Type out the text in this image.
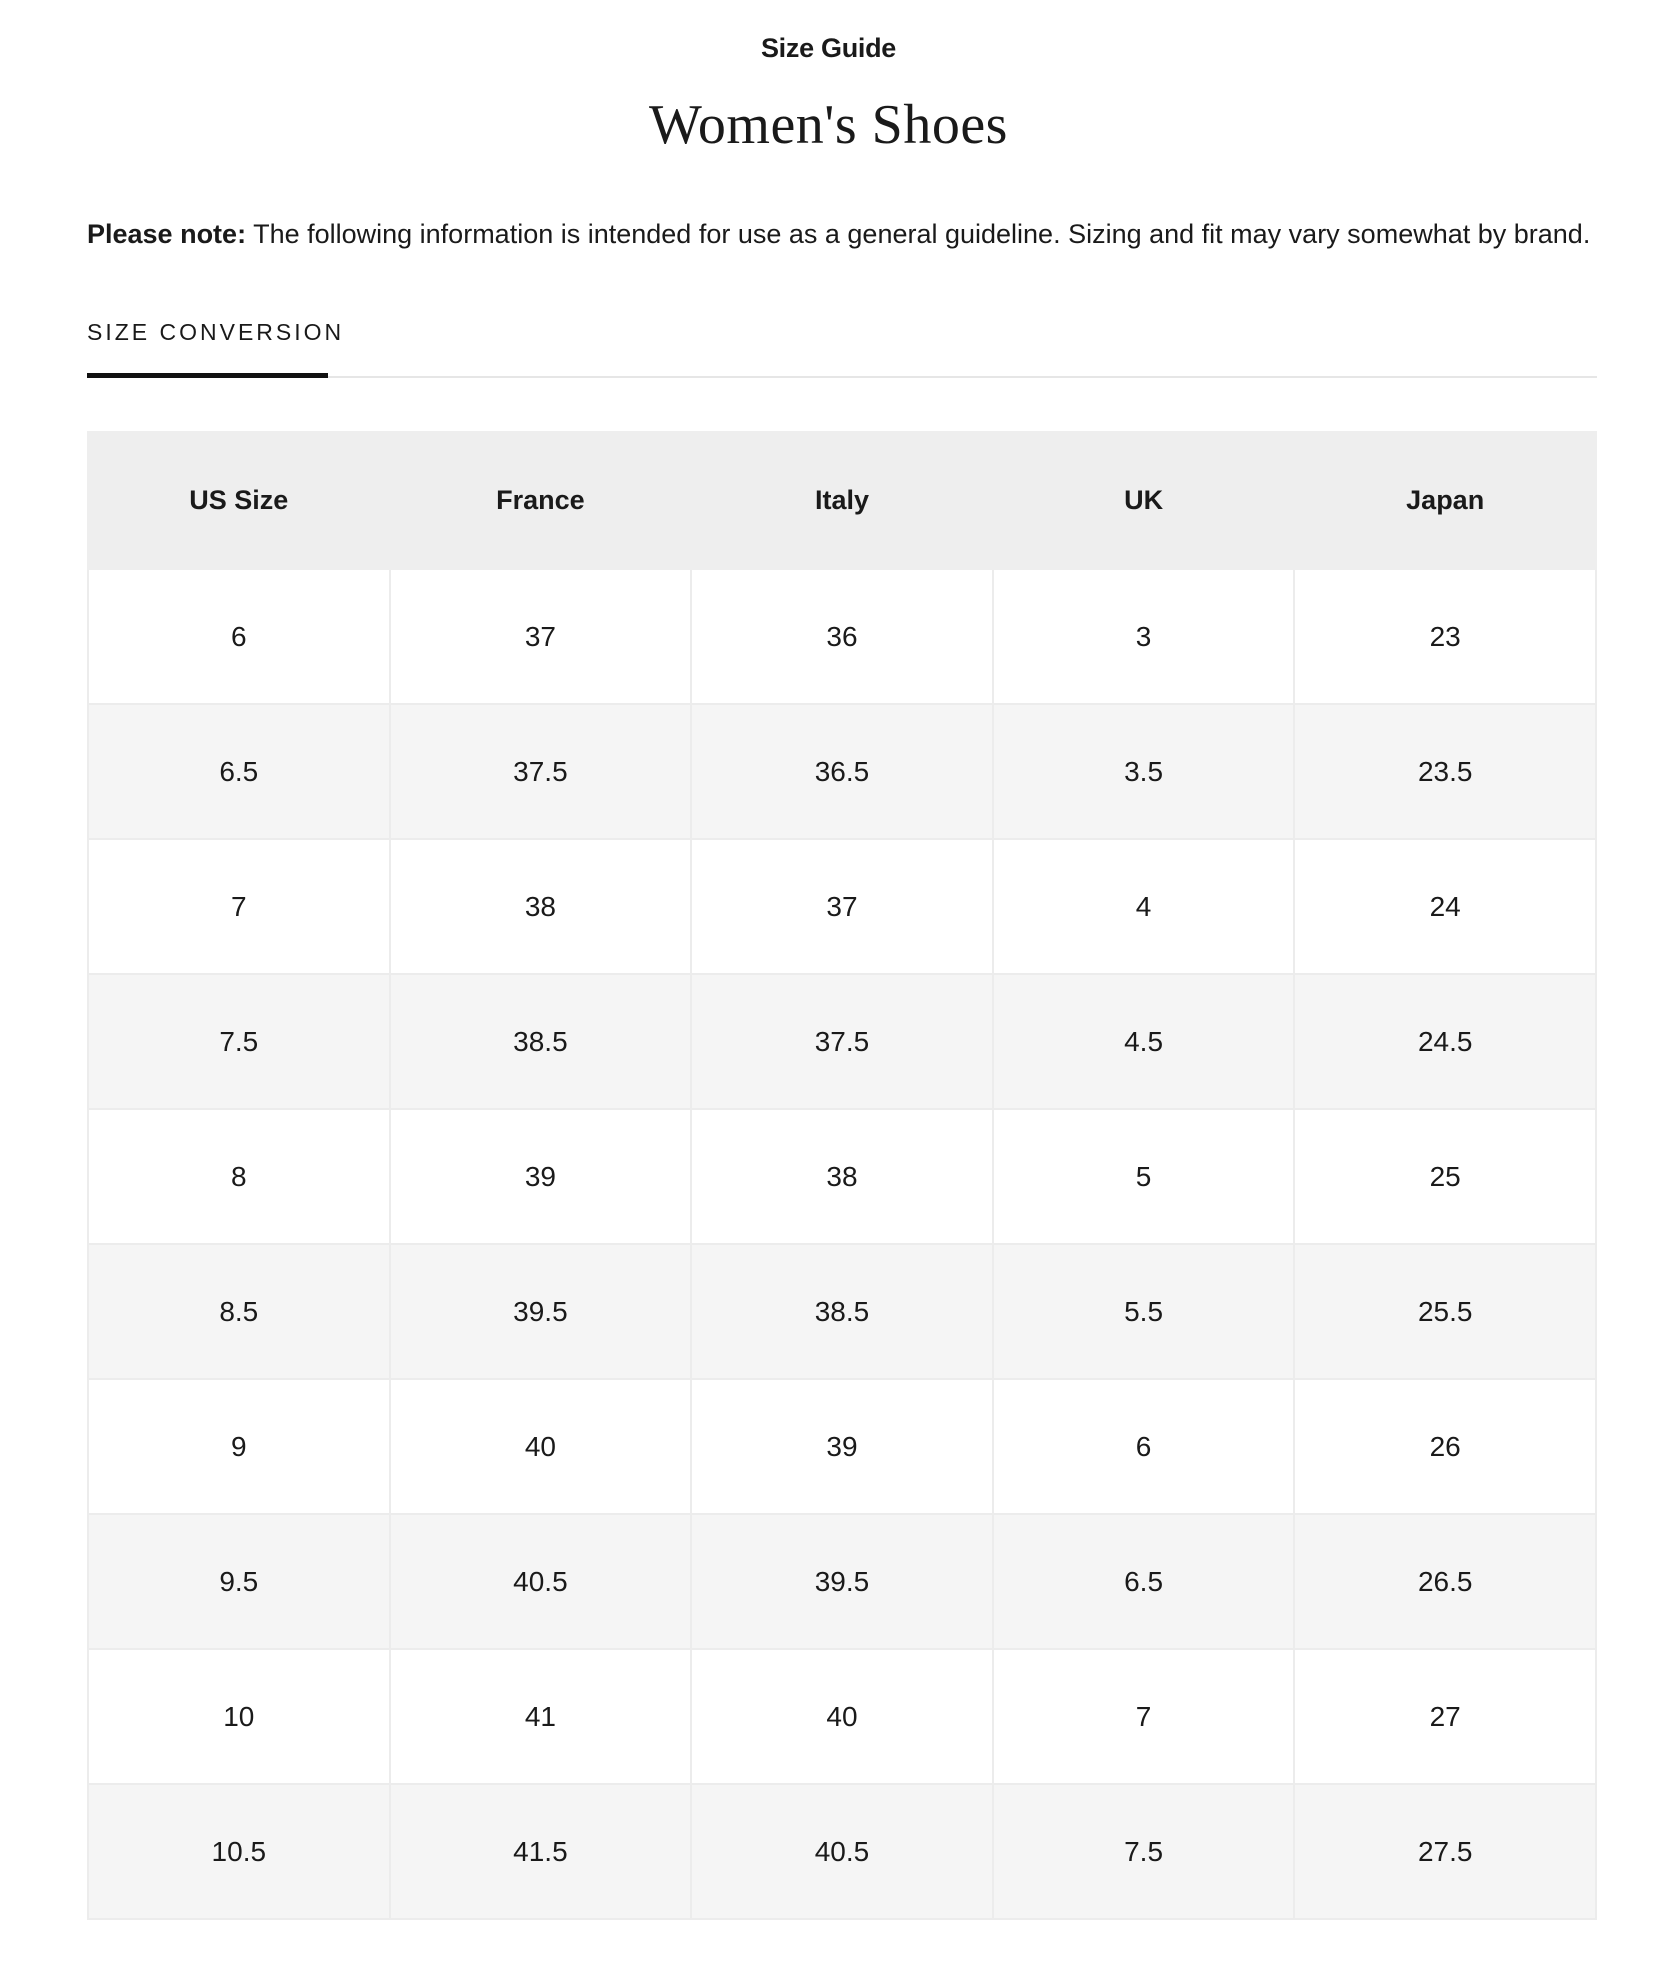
Size Guide
Women's Shoes
Please note: The following information is intended for use as a general guideline. Sizing and fit may vary somewhat by brand.
SIZE CONVERSION
US Size	France	Italy	UK	Japan
6	37	36	3	23
6.5	37.5	36.5	3.5	23.5
7	38	37	4	24
7.5	38.5	37.5	4.5	24.5
8	39	38	5	25
8.5	39.5	38.5	5.5	25.5
9	40	39	6	26
9.5	40.5	39.5	6.5	26.5
10	41	40	7	27
10.5	41.5	40.5	7.5	27.5
